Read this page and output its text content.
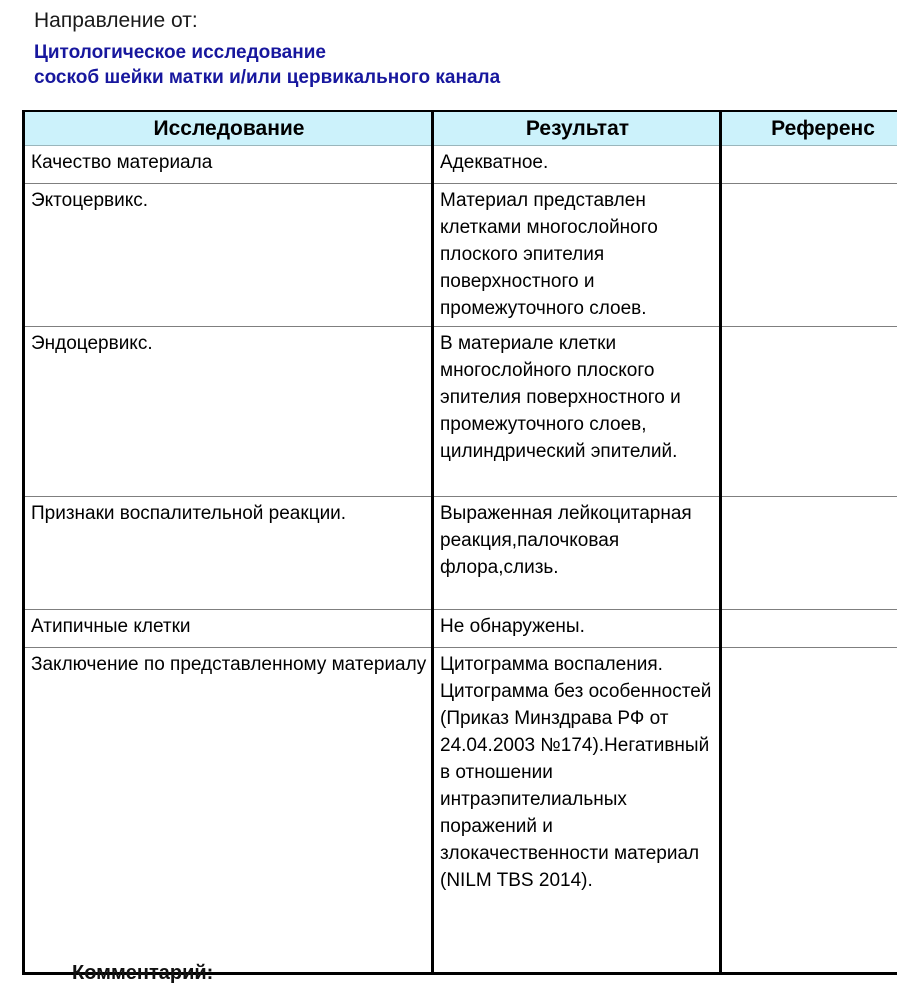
Направление от:
Цитологическое исследование
соскоб шейки матки и/или цервикального канала
Исследование	Результат	Референс

Качество материала	Адекватное.	

Эктоцервикс.	Материал представлен клетками многослойного плоского эпителия поверхностного и промежуточного слоев.	

Эндоцервикс.	В материале клетки многослойного плоского эпителия поверхностного и промежуточного слоев, цилиндрический эпителий.	

Признаки воспалительной реакции.	Выраженная лейкоцитарная реакция,палочковая флора,слизь.	

Атипичные клетки	Не обнаружены.	

Заключение по представленному материалу	Цитограмма воспаления. Цитограмма без особенностей (Приказ Минздрава РФ от 24.04.2003 №174).Негативный в отношении интраэпителиальных поражений и злокачественности материал (NILM TBS 2014).	

Комментарий:
